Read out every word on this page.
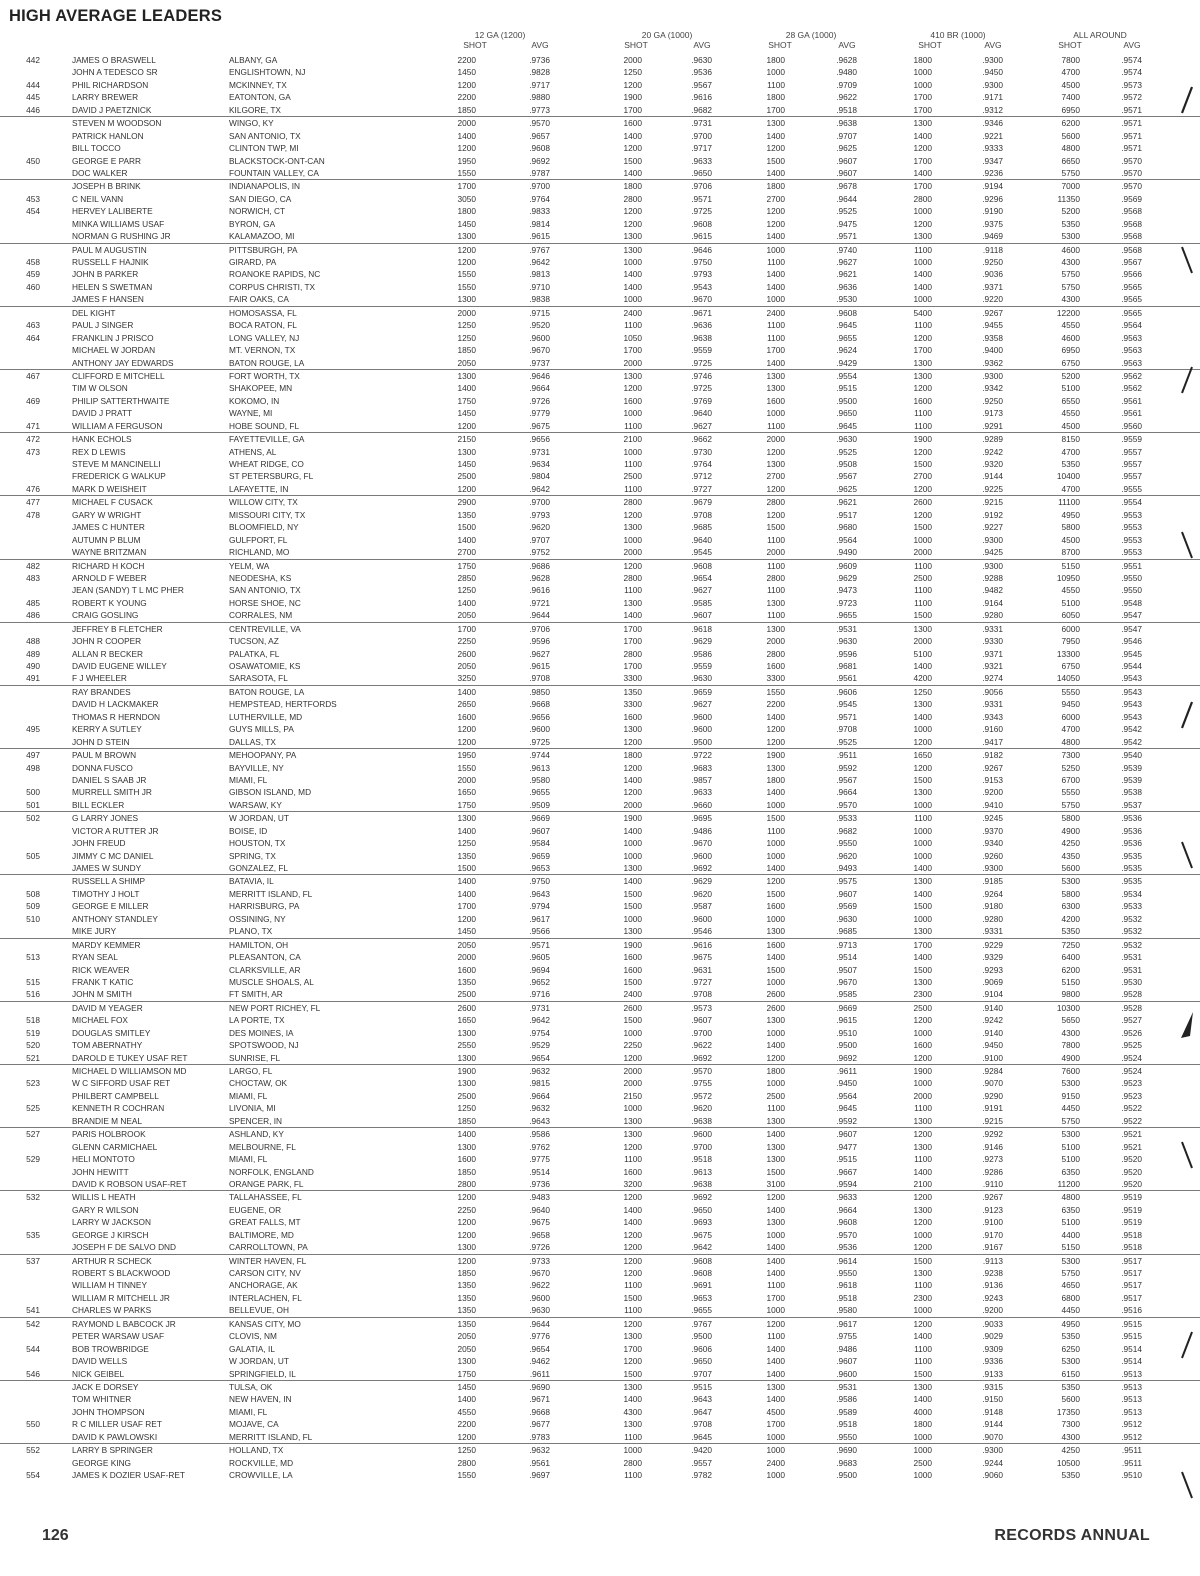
HIGH AVERAGE LEADERS
12 GA (1200)	20 GA (1000)	28 GA (1000)	410 BR (1000)	ALL AROUND
SHOT	AVG	SHOT	AVG	SHOT	AVG	SHOT	AVG	SHOT	AVG
442	JAMES O BRASWELL	ALBANY, GA	2200	.9736	2000	.9630	1800	.9628	1800	.9300	7800	.9574
JOHN A TEDESCO SR	ENGLISHTOWN, NJ	1450	.9828	1250	.9536	1000	.9480	1000	.9450	4700	.9574
444	PHIL RICHARDSON	MCKINNEY, TX	1200	.9717	1200	.9567	1100	.9709	1000	.9300	4500	.9573
445	LARRY BREWER	EATONTON, GA	2200	.9880	1900	.9616	1800	.9622	1700	.9171	7400	.9572
446	DAVID J PAETZNICK	KILGORE, TX	1850	.9773	1700	.9682	1700	.9518	1700	.9312	6950	.9571
STEVEN M WOODSON	WINGO, KY	2000	.9570	1600	.9731	1300	.9638	1300	.9346	6200	.9571
PATRICK HANLON	SAN ANTONIO, TX	1400	.9657	1400	.9700	1400	.9707	1400	.9221	5600	.9571
BILL TOCCO	CLINTON TWP, MI	1200	.9608	1200	.9717	1200	.9625	1200	.9333	4800	.9571
450	GEORGE E PARR	BLACKSTOCK-ONT-CAN	1950	.9692	1500	.9633	1500	.9607	1700	.9347	6650	.9570
DOC WALKER	FOUNTAIN VALLEY, CA	1550	.9787	1400	.9650	1400	.9607	1400	.9236	5750	.9570
JOSEPH B BRINK	INDIANAPOLIS, IN	1700	.9700	1800	.9706	1800	.9678	1700	.9194	7000	.9570
453	C NEIL VANN	SAN DIEGO, CA	3050	.9764	2800	.9571	2700	.9644	2800	.9296	11350	.9569
454	HERVEY LALIBERTE	NORWICH, CT	1800	.9833	1200	.9725	1200	.9525	1000	.9190	5200	.9568
MINKA WILLIAMS USAF	BYRON, GA	1450	.9814	1200	.9608	1200	.9475	1200	.9375	5350	.9568
NORMAN G RUSHING JR	KALAMAZOO, MI	1300	.9615	1300	.9615	1400	.9571	1300	.9469	5300	.9568
PAUL M AUGUSTIN	PITTSBURGH, PA	1200	.9767	1300	.9646	1000	.9740	1100	.9118	4600	.9568
458	RUSSELL F HAJNIK	GIRARD, PA	1200	.9642	1000	.9750	1100	.9627	1000	.9250	4300	.9567
459	JOHN B PARKER	ROANOKE RAPIDS, NC	1550	.9813	1400	.9793	1400	.9621	1400	.9036	5750	.9566
460	HELEN S SWETMAN	CORPUS CHRISTI, TX	1550	.9710	1400	.9543	1400	.9636	1400	.9371	5750	.9565
JAMES F HANSEN	FAIR OAKS, CA	1300	.9838	1000	.9670	1000	.9530	1000	.9220	4300	.9565
DEL KIGHT	HOMOSASSA, FL	2000	.9715	2400	.9671	2400	.9608	5400	.9267	12200	.9565
463	PAUL J SINGER	BOCA RATON, FL	1250	.9520	1100	.9636	1100	.9645	1100	.9455	4550	.9564
464	FRANKLIN J PRISCO	LONG VALLEY, NJ	1250	.9600	1050	.9638	1100	.9655	1200	.9358	4600	.9563
MICHAEL W JORDAN	MT. VERNON, TX	1850	.9670	1700	.9559	1700	.9624	1700	.9400	6950	.9563
ANTHONY JAY EDWARDS	BATON ROUGE, LA	2050	.9737	2000	.9725	1400	.9429	1300	.9362	6750	.9563
467	CLIFFORD E MITCHELL	FORT WORTH, TX	1300	.9646	1300	.9746	1300	.9554	1300	.9300	5200	.9562
TIM W OLSON	SHAKOPEE, MN	1400	.9664	1200	.9725	1300	.9515	1200	.9342	5100	.9562
469	PHILIP SATTERTHWAITE	KOKOMO, IN	1750	.9726	1600	.9769	1600	.9500	1600	.9250	6550	.9561
DAVID J PRATT	WAYNE, MI	1450	.9779	1000	.9640	1000	.9650	1100	.9173	4550	.9561
471	WILLIAM A FERGUSON	HOBE SOUND, FL	1200	.9675	1100	.9627	1100	.9645	1100	.9291	4500	.9560
472	HANK ECHOLS	FAYETTEVILLE, GA	2150	.9656	2100	.9662	2000	.9630	1900	.9289	8150	.9559
473	REX D LEWIS	ATHENS, AL	1300	.9731	1000	.9730	1200	.9525	1200	.9242	4700	.9557
STEVE M MANCINELLI	WHEAT RIDGE, CO	1450	.9634	1100	.9764	1300	.9508	1500	.9320	5350	.9557
FREDERICK G WALKUP	ST PETERSBURG, FL	2500	.9804	2500	.9712	2700	.9567	2700	.9144	10400	.9557
476	MARK D WEISHEIT	LAFAYETTE, IN	1200	.9642	1100	.9727	1200	.9625	1200	.9225	4700	.9555
477	MICHAEL F CUSACK	WILLOW CITY, TX	2900	.9700	2800	.9679	2800	.9621	2600	.9215	11100	.9554
478	GARY W WRIGHT	MISSOURI CITY, TX	1350	.9793	1200	.9708	1200	.9517	1200	.9192	4950	.9553
JAMES C HUNTER	BLOOMFIELD, NY	1500	.9620	1300	.9685	1500	.9680	1500	.9227	5800	.9553
AUTUMN P BLUM	GULFPORT, FL	1400	.9707	1000	.9640	1100	.9564	1000	.9300	4500	.9553
WAYNE BRITZMAN	RICHLAND, MO	2700	.9752	2000	.9545	2000	.9490	2000	.9425	8700	.9553
482	RICHARD H KOCH	YELM, WA	1750	.9686	1200	.9608	1100	.9609	1100	.9300	5150	.9551
483	ARNOLD F WEBER	NEODESHA, KS	2850	.9628	2800	.9654	2800	.9629	2500	.9288	10950	.9550
JEAN (SANDY) T L MC PHER	SAN ANTONIO, TX	1250	.9616	1100	.9627	1100	.9473	1100	.9482	4550	.9550
485	ROBERT K YOUNG	HORSE SHOE, NC	1400	.9721	1300	.9585	1300	.9723	1100	.9164	5100	.9548
486	CRAIG GOSLING	CORRALES, NM	2050	.9644	1400	.9607	1100	.9655	1500	.9280	6050	.9547
JEFFREY B FLETCHER	CENTREVILLE, VA	1700	.9706	1700	.9618	1300	.9531	1300	.9331	6000	.9547
488	JOHN R COOPER	TUCSON, AZ	2250	.9596	1700	.9629	2000	.9630	2000	.9330	7950	.9546
489	ALLAN R BECKER	PALATKA, FL	2600	.9627	2800	.9586	2800	.9596	5100	.9371	13300	.9545
490	DAVID EUGENE WILLEY	OSAWATOMIE, KS	2050	.9615	1700	.9559	1600	.9681	1400	.9321	6750	.9544
491	F J WHEELER	SARASOTA, FL	3250	.9708	3300	.9630	3300	.9561	4200	.9274	14050	.9543
RAY BRANDES	BATON ROUGE, LA	1400	.9850	1350	.9659	1550	.9606	1250	.9056	5550	.9543
DAVID H LACKMAKER	HEMPSTEAD, HERTFORDS	2650	.9668	3300	.9627	2200	.9545	1300	.9331	9450	.9543
THOMAS R HERNDON	LUTHERVILLE, MD	1600	.9656	1600	.9600	1400	.9571	1400	.9343	6000	.9543
495	KERRY A SUTLEY	GUYS MILLS, PA	1200	.9600	1300	.9600	1200	.9708	1000	.9160	4700	.9542
JOHN D STEIN	DALLAS, TX	1200	.9725	1200	.9500	1200	.9525	1200	.9417	4800	.9542
497	PAUL M BROWN	MEHOOPANY, PA	1950	.9744	1800	.9722	1900	.9511	1650	.9182	7300	.9540
498	DONNA FUSCO	BAYVILLE, NY	1550	.9613	1200	.9683	1300	.9592	1200	.9267	5250	.9539
DANIEL S SAAB JR	MIAMI, FL	2000	.9580	1400	.9857	1800	.9567	1500	.9153	6700	.9539
500	MURRELL SMITH JR	GIBSON ISLAND, MD	1650	.9655	1200	.9633	1400	.9664	1300	.9200	5550	.9538
501	BILL ECKLER	WARSAW, KY	1750	.9509	2000	.9660	1000	.9570	1000	.9410	5750	.9537
502	G LARRY JONES	W JORDAN, UT	1300	.9669	1900	.9695	1500	.9533	1100	.9245	5800	.9536
VICTOR A RUTTER JR	BOISE, ID	1400	.9607	1400	.9486	1100	.9682	1000	.9370	4900	.9536
JOHN FREUD	HOUSTON, TX	1250	.9584	1000	.9670	1000	.9550	1000	.9340	4250	.9536
505	JIMMY C MC DANIEL	SPRING, TX	1350	.9659	1000	.9600	1000	.9620	1000	.9260	4350	.9535
JAMES W SUNDY	GONZALEZ, FL	1500	.9653	1300	.9692	1400	.9493	1400	.9300	5600	.9535
RUSSELL A SHIMP	BATAVIA, IL	1400	.9750	1400	.9629	1200	.9575	1300	.9185	5300	.9535
508	TIMOTHY J HOLT	MERRITT ISLAND, FL	1400	.9643	1500	.9620	1500	.9607	1400	.9264	5800	.9534
509	GEORGE E MILLER	HARRISBURG, PA	1700	.9794	1500	.9587	1600	.9569	1500	.9180	6300	.9533
510	ANTHONY STANDLEY	OSSINING, NY	1200	.9617	1000	.9600	1000	.9630	1000	.9280	4200	.9532
MIKE JURY	PLANO, TX	1450	.9566	1300	.9546	1300	.9685	1300	.9331	5350	.9532
MARDY KEMMER	HAMILTON, OH	2050	.9571	1900	.9616	1600	.9713	1700	.9229	7250	.9532
513	RYAN SEAL	PLEASANTON, CA	2000	.9605	1600	.9675	1400	.9514	1400	.9329	6400	.9531
RICK WEAVER	CLARKSVILLE, AR	1600	.9694	1600	.9631	1500	.9507	1500	.9293	6200	.9531
515	FRANK T KATIC	MUSCLE SHOALS, AL	1350	.9652	1500	.9727	1000	.9670	1300	.9069	5150	.9530
516	JOHN M SMITH	FT SMITH, AR	2500	.9716	2400	.9708	2600	.9585	2300	.9104	9800	.9528
DAVID M YEAGER	NEW PORT RICHEY, FL	2600	.9731	2600	.9573	2600	.9669	2500	.9140	10300	.9528
518	MICHAEL FOX	LA PORTE, TX	1650	.9642	1500	.9607	1300	.9615	1200	.9242	5650	.9527
519	DOUGLAS SMITLEY	DES MOINES, IA	1300	.9754	1000	.9700	1000	.9510	1000	.9140	4300	.9526
520	TOM ABERNATHY	SPOTSWOOD, NJ	2550	.9529	2250	.9622	1400	.9500	1600	.9450	7800	.9525
521	DAROLD E TUKEY USAF RET	SUNRISE, FL	1300	.9654	1200	.9692	1200	.9692	1200	.9100	4900	.9524
MICHAEL D WILLIAMSON MD	LARGO, FL	1900	.9632	2000	.9570	1800	.9611	1900	.9284	7600	.9524
523	W C SIFFORD USAF RET	CHOCTAW, OK	1300	.9815	2000	.9755	1000	.9450	1000	.9070	5300	.9523
PHILBERT CAMPBELL	MIAMI, FL	2500	.9664	2150	.9572	2500	.9564	2000	.9290	9150	.9523
525	KENNETH R COCHRAN	LIVONIA, MI	1250	.9632	1000	.9620	1100	.9645	1100	.9191	4450	.9522
BRANDIE M NEAL	SPENCER, IN	1850	.9643	1300	.9638	1300	.9592	1300	.9215	5750	.9522
527	PARIS HOLBROOK	ASHLAND, KY	1400	.9586	1300	.9600	1400	.9607	1200	.9292	5300	.9521
GLENN CARMICHAEL	MELBOURNE, FL	1300	.9762	1200	.9700	1300	.9477	1300	.9146	5100	.9521
529	HELI MONTOTO	MIAMI, FL	1600	.9775	1100	.9518	1300	.9515	1100	.9273	5100	.9520
JOHN HEWITT	NORFOLK, ENGLAND	1850	.9514	1600	.9613	1500	.9667	1400	.9286	6350	.9520
DAVID K ROBSON USAF-RET	ORANGE PARK, FL	2800	.9736	3200	.9638	3100	.9594	2100	.9110	11200	.9520
532	WILLIS L HEATH	TALLAHASSEE, FL	1200	.9483	1200	.9692	1200	.9633	1200	.9267	4800	.9519
GARY R WILSON	EUGENE, OR	2250	.9640	1400	.9650	1400	.9664	1300	.9123	6350	.9519
LARRY W JACKSON	GREAT FALLS, MT	1200	.9675	1400	.9693	1300	.9608	1200	.9100	5100	.9519
535	GEORGE J KIRSCH	BALTIMORE, MD	1200	.9658	1200	.9675	1000	.9570	1000	.9170	4400	.9518
JOSEPH F DE SALVO DND	CARROLLTOWN, PA	1300	.9726	1200	.9642	1400	.9536	1200	.9167	5150	.9518
537	ARTHUR R SCHECK	WINTER HAVEN, FL	1200	.9733	1200	.9608	1400	.9614	1500	.9113	5300	.9517
ROBERT S BLACKWOOD	CARSON CITY, NV	1850	.9670	1200	.9608	1400	.9550	1300	.9238	5750	.9517
WILLIAM H TINNEY	ANCHORAGE, AK	1350	.9622	1100	.9691	1100	.9618	1100	.9136	4650	.9517
WILLIAM R MITCHELL JR	INTERLACHEN, FL	1350	.9600	1500	.9653	1700	.9518	2300	.9243	6800	.9517
541	CHARLES W PARKS	BELLEVUE, OH	1350	.9630	1100	.9655	1000	.9580	1000	.9200	4450	.9516
542	RAYMOND L BABCOCK JR	KANSAS CITY, MO	1350	.9644	1200	.9767	1200	.9617	1200	.9033	4950	.9515
PETER WARSAW USAF	CLOVIS, NM	2050	.9776	1300	.9500	1100	.9755	1400	.9029	5350	.9515
544	BOB TROWBRIDGE	GALATIA, IL	2050	.9654	1700	.9606	1400	.9486	1100	.9309	6250	.9514
DAVID WELLS	W JORDAN, UT	1300	.9462	1200	.9650	1400	.9607	1100	.9336	5300	.9514
546	NICK GEIBEL	SPRINGFIELD, IL	1750	.9611	1500	.9707	1400	.9600	1500	.9133	6150	.9513
JACK E DORSEY	TULSA, OK	1450	.9690	1300	.9515	1300	.9531	1300	.9315	5350	.9513
TOM WHITNER	NEW HAVEN, IN	1400	.9671	1400	.9643	1400	.9586	1400	.9150	5600	.9513
JOHN THOMPSON	MIAMI, FL	4550	.9668	4300	.9647	4500	.9589	4000	.9148	17350	.9513
550	R C MILLER USAF RET	MOJAVE, CA	2200	.9677	1300	.9708	1700	.9518	1800	.9144	7300	.9512
DAVID K PAWLOWSKI	MERRITT ISLAND, FL	1200	.9783	1100	.9645	1000	.9550	1000	.9070	4300	.9512
552	LARRY B SPRINGER	HOLLAND, TX	1250	.9632	1000	.9420	1000	.9690	1000	.9300	4250	.9511
GEORGE KING	ROCKVILLE, MD	2800	.9561	2800	.9557	2400	.9683	2500	.9244	10500	.9511
554	JAMES K DOZIER USAF-RET	CROWVILLE, LA	1550	.9697	1100	.9782	1000	.9500	1000	.9060	5350	.9510
126	RECORDS ANNUAL
